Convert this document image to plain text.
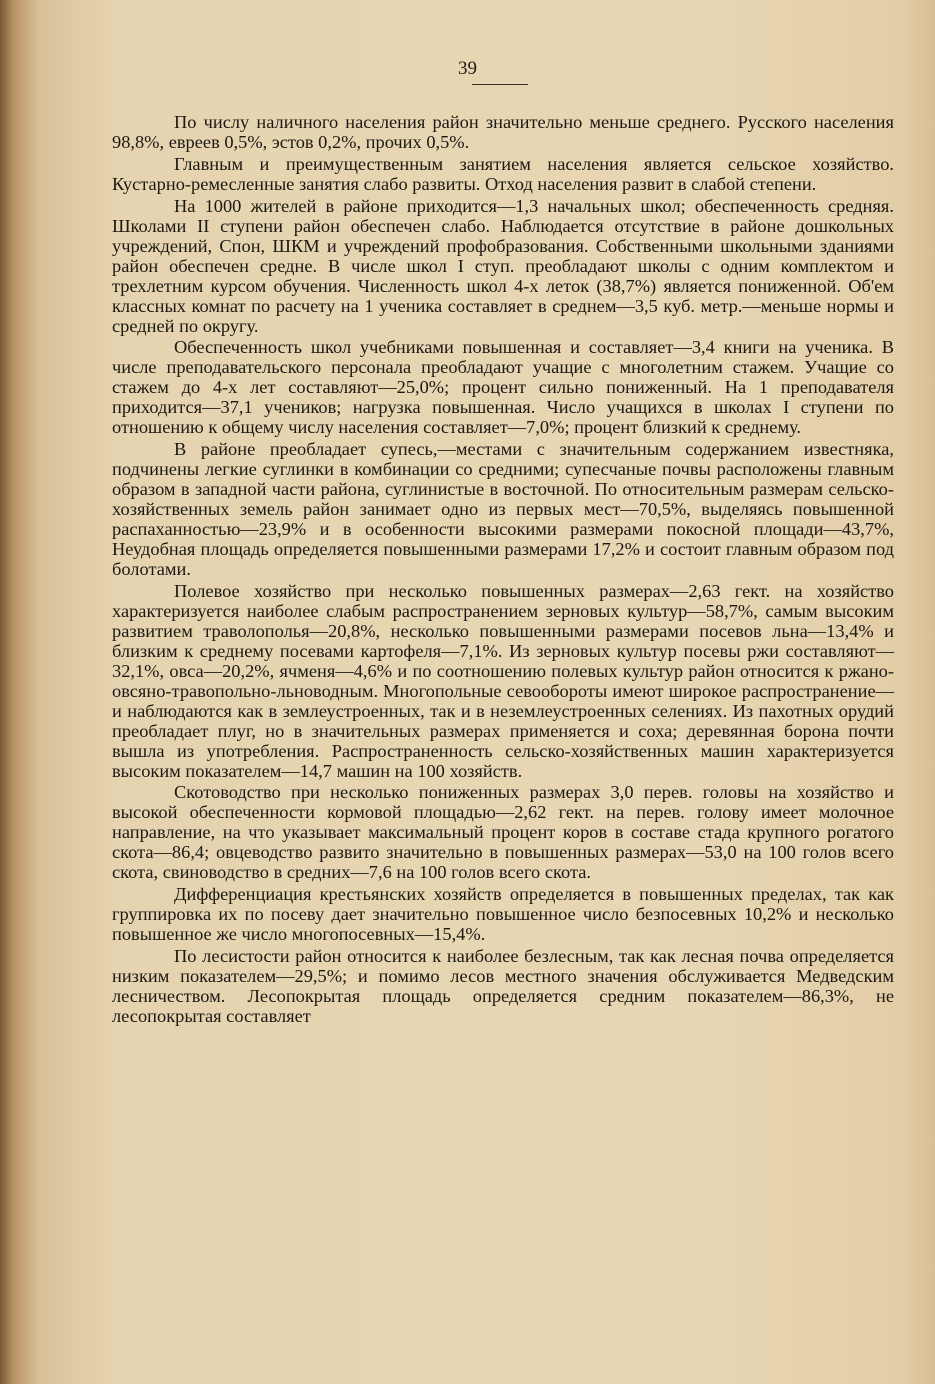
39

По числу наличного населения район значительно меньше среднего. Русского населения 98,8%, евреев 0,5%, эстов 0,2%, прочих 0,5%.

Главным и преимущественным занятием населения является сельское хозяйство. Кустарно-ремесленные занятия слабо развиты. Отход населения развит в слабой степени.

На 1000 жителей в районе приходится—1,3 начальных школ; обеспеченность средняя. Школами II ступени район обеспечен слабо. Наблюдается отсутствие в районе дошкольных учреждений, Спон, ШКМ и учреждений профобразования. Собственными школьными зданиями район обеспечен средне. В числе школ I ступ. преобладают школы с одним комплектом и трехлетним курсом обучения. Численность школ 4-х леток (38,7%) является пониженной. Об'ем классных комнат по расчету на 1 ученика составляет в среднем—3,5 куб. метр.—меньше нормы и средней по округу.

Обеспеченность школ учебниками повышенная и составляет—3,4 книги на ученика. В числе преподавательского персонала преобладают учащие с многолетним стажем. Учащие со стажем до 4-х лет составляют—25,0%; процент сильно пониженный. На 1 преподавателя приходится—37,1 учеников; нагрузка повышенная. Число учащихся в школах I ступени по отношению к общему числу населения составляет—7,0%; процент близкий к среднему.

В районе преобладает супесь,—местами с значительным содержанием известняка, подчинены легкие суглинки в комбинации со средними; супесчаные почвы расположены главным образом в западной части района, суглинистые в восточной. По относительным размерам сельско-хозяйственных земель район занимает одно из первых мест—70,5%, выделяясь повышенной распаханностью—23,9% и в особенности высокими размерами покосной площади—43,7%, Неудобная площадь определяется повышенными размерами 17,2% и состоит главным образом под болотами.

Полевое хозяйство при несколько повышенных размерах—2,63 гект. на хозяйство характеризуется наиболее слабым распространением зерновых культур—58,7%, самым высоким развитием траволополья—20,8%, несколько повышенными размерами посевов льна—13,4% и близким к среднему посевами картофеля—7,1%. Из зерновых культур посевы ржи составляют—32,1%, овса—20,2%, ячменя—4,6% и по соотношению полевых культур район относится к ржано-овсяно-травопольно-льноводным. Многопольные севообороты имеют широкое распространение—и наблюдаются как в землеустроенных, так и в неземлеустроенных селениях. Из пахотных орудий преобладает плуг, но в значительных размерах применяется и соха; деревянная борона почти вышла из употребления. Распространенность сельско-хозяйственных машин характеризуется высоким показателем—14,7 машин на 100 хозяйств.

Скотоводство при несколько пониженных размерах 3,0 перев. головы на хозяйство и высокой обеспеченности кормовой площадью—2,62 гект. на перев. голову имеет молочное направление, на что указывает максимальный процент коров в составе стада крупного рогатого скота—86,4; овцеводство развито значительно в повышенных размерах—53,0 на 100 голов всего скота, свиноводство в средних—7,6 на 100 голов всего скота.

Дифференциация крестьянских хозяйств определяется в повышенных пределах, так как группировка их по посеву дает значительно повышенное число безпосевных 10,2% и несколько повышенное же число многопосевных—15,4%.

По лесистости район относится к наиболее безлесным, так как лесная почва определяется низким показателем—29,5%; и помимо лесов местного значения обслуживается Медведским лесничеством. Лесопокрытая площадь определяется средним показателем—86,3%, не лесопокрытая составляет
